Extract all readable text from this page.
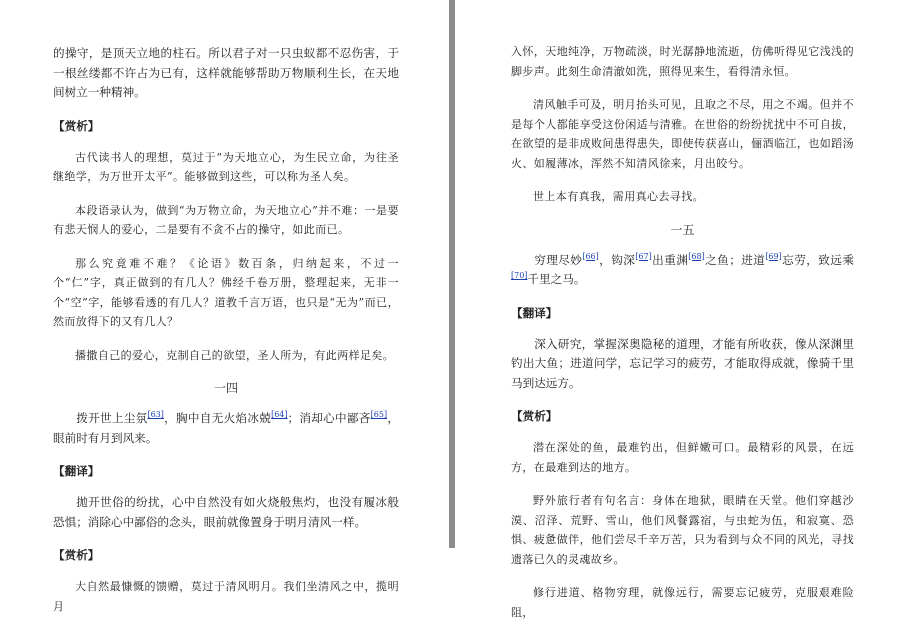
的操守，是顶天立地的柱石。所以君子对一只虫蚁都不忍伤害，于一根丝缕都不许占为已有，这样就能够帮助万物顺利生长，在天地间树立一种精神。

【赏析】

古代读书人的理想，莫过于“为天地立心，为生民立命，为往圣继绝学，为万世开太平”。能够做到这些，可以称为圣人矣。

本段语录认为，做到“为万物立命，为天地立心”并不难：一是要有悲天悯人的爱心，二是要有不贪不占的操守，如此而已。

那么究竟难不难？《论语》数百条，归纳起来，不过一个“仁”字，真正做到的有几人？佛经千卷万册，整理起来，无非一个“空”字，能够看透的有几人？道教千言万语，也只是“无为”而已，然而放得下的又有几人？

播撒自己的爱心，克制自己的欲望，圣人所为，有此两样足矣。

一四

拨开世上尘氛[63]，胸中自无火焰冰兢[64]；消却心中鄙吝[65]，眼前时有月到风来。

【翻译】

拋开世俗的纷扰，心中自然没有如火烧般焦灼，也没有履冰般恐惧；消除心中鄙俗的念头，眼前就像置身于明月清风一样。

【赏析】

大自然最慷慨的馈赠，莫过于清风明月。我们坐清风之中，揽明月

入怀，天地纯净，万物疏淡，时光潺静地流逝，仿佛听得见它浅浅的脚步声。此刻生命清澈如洗，照得见来生，看得清永恒。

清风触手可及，明月抬头可见，且取之不尽，用之不竭。但并不是每个人都能享受这份闲适与清雅。在世俗的纷纷扰扰中不可自拔，在欲望的是非成败间患得患失，即使传获喜山，俪酒临江，也如蹈汤火、如履薄冰，浑然不知清风徐来，月出皎兮。

世上本有真我，需用真心去寻找。

一五

穷理尽妙[66]，钩深[67]出重渊[68]之鱼；进道[69]忘劳，致远乘[70]千里之马。

【翻译】

深入研究，掌握深奥隐秘的道理，才能有所收获，像从深渊里钓出大鱼；进道问学，忘记学习的疲劳，才能取得成就，像骑千里马到达远方。

【赏析】

潜在深处的鱼，最难钓出，但鲜嫩可口。最精彩的风景，在远方，在最难到达的地方。

野外旅行者有句名言：身体在地狱，眼睛在天堂。他们穿越沙漠、沼泽、荒野、雪山，他们风餐露宿，与虫蛇为伍，和寂寞、恐惧、疲惫做伴，他们尝尽千辛万苦，只为看到与众不同的风光，寻找遗落已久的灵魂故乡。

修行进道、格物穷理，就像远行，需要忘记疲劳，克服艰难险阻，
